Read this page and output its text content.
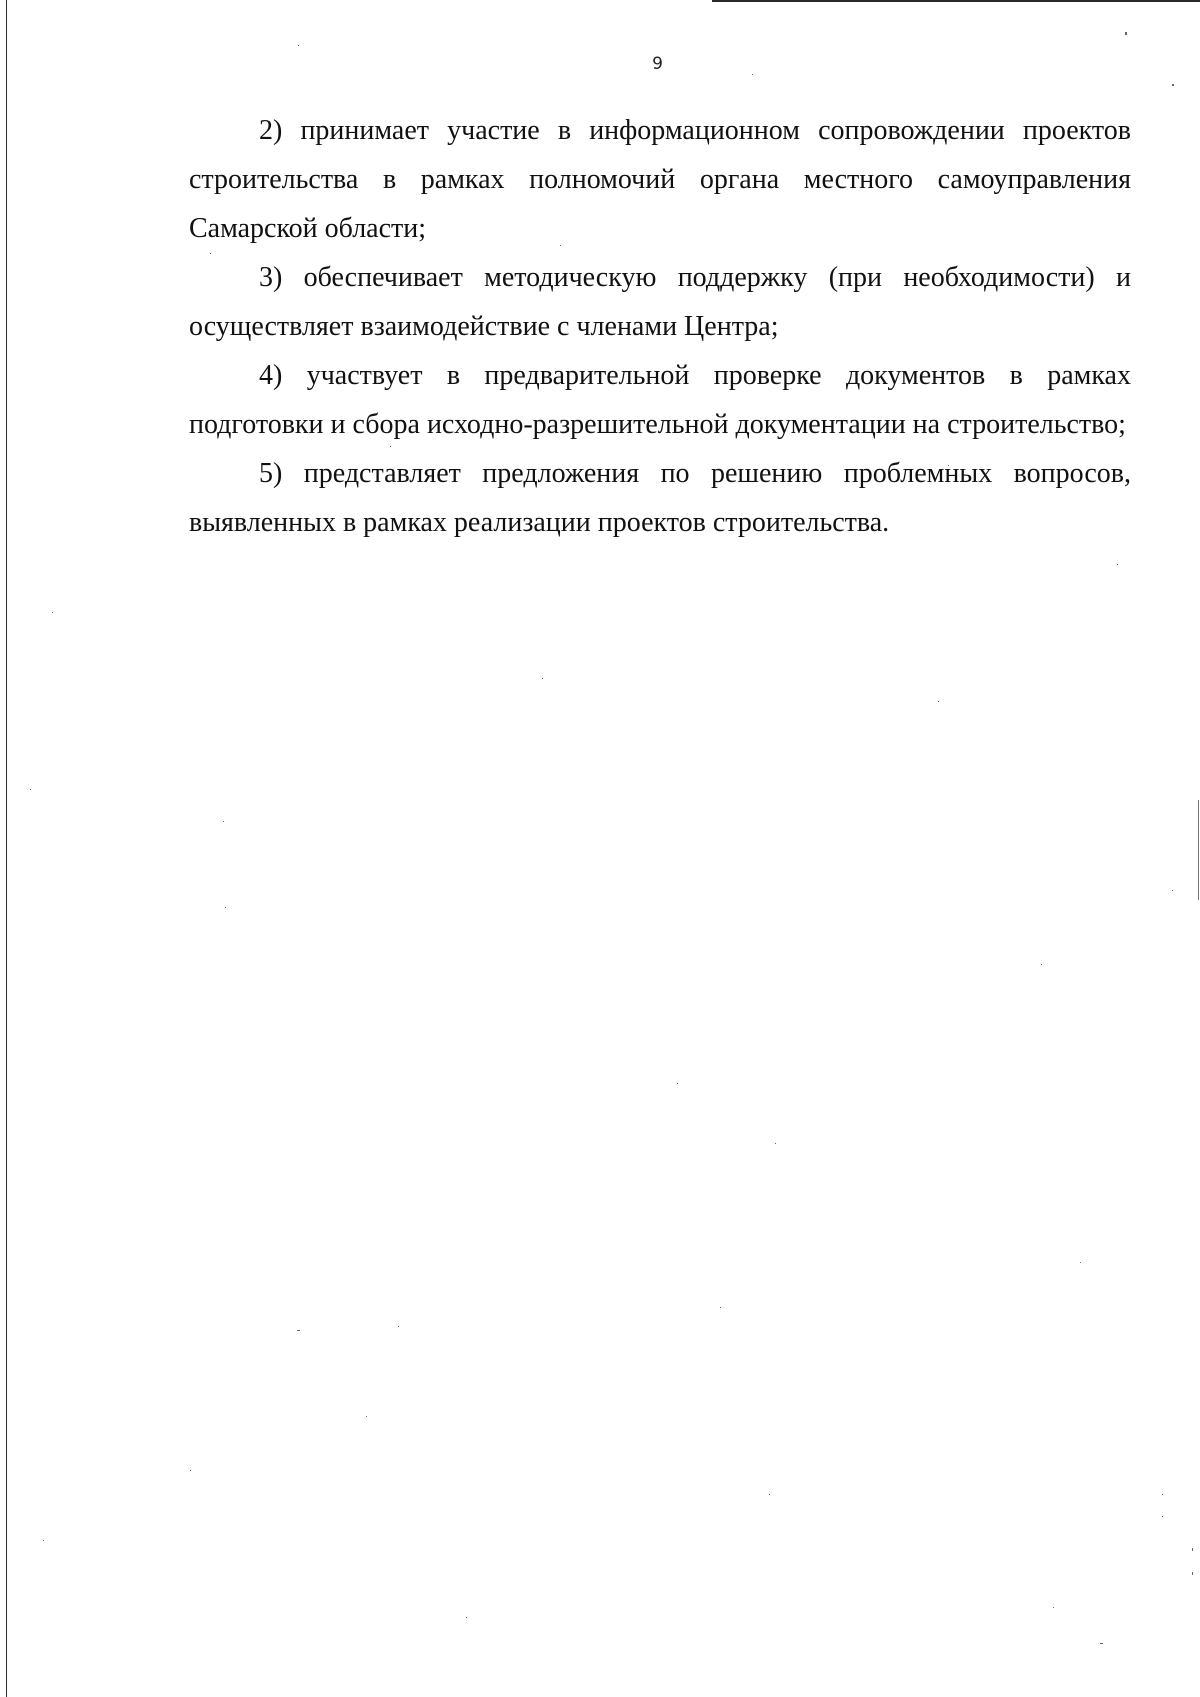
9

2) принимает участие в информационном сопровождении проектов строительства в рамках полномочий органа местного самоуправления Самарской области;

3) обеспечивает методическую поддержку (при необходимости) и осуществляет взаимодействие с членами Центра;

4) участвует в предварительной проверке документов в рамках подготовки и сбора исходно-разрешительной документации на строительство;

5) представляет предложения по решению проблемных вопросов, выявленных в рамках реализации проектов строительства.
